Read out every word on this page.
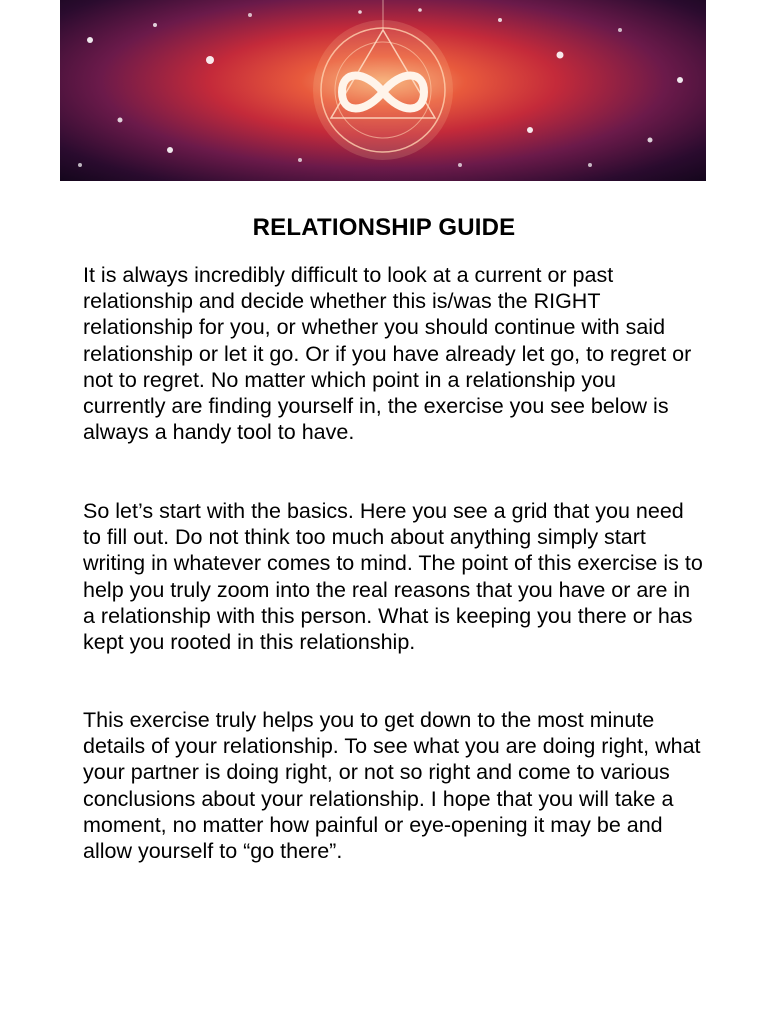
RELATIONSHIP GUIDE

It is always incredibly difficult to look at a current or past relationship and decide whether this is/was the RIGHT relationship for you, or whether you should continue with said relationship or let it go. Or if you have already let go, to regret or not to regret. No matter which point in a relationship you currently are finding yourself in, the exercise you see below is always a handy tool to have.

So let’s start with the basics. Here you see a grid that you need to fill out. Do not think too much about anything simply start writing in whatever comes to mind. The point of this exercise is to help you truly zoom into the real reasons that you have or are in a relationship with this person. What is keeping you there or has kept you rooted in this relationship.

This exercise truly helps you to get down to the most minute details of your relationship. To see what you are doing right, what your partner is doing right, or not so right and come to various conclusions about your relationship. I hope that you will take a moment, no matter how painful or eye-opening it may be and allow yourself to “go there”.
